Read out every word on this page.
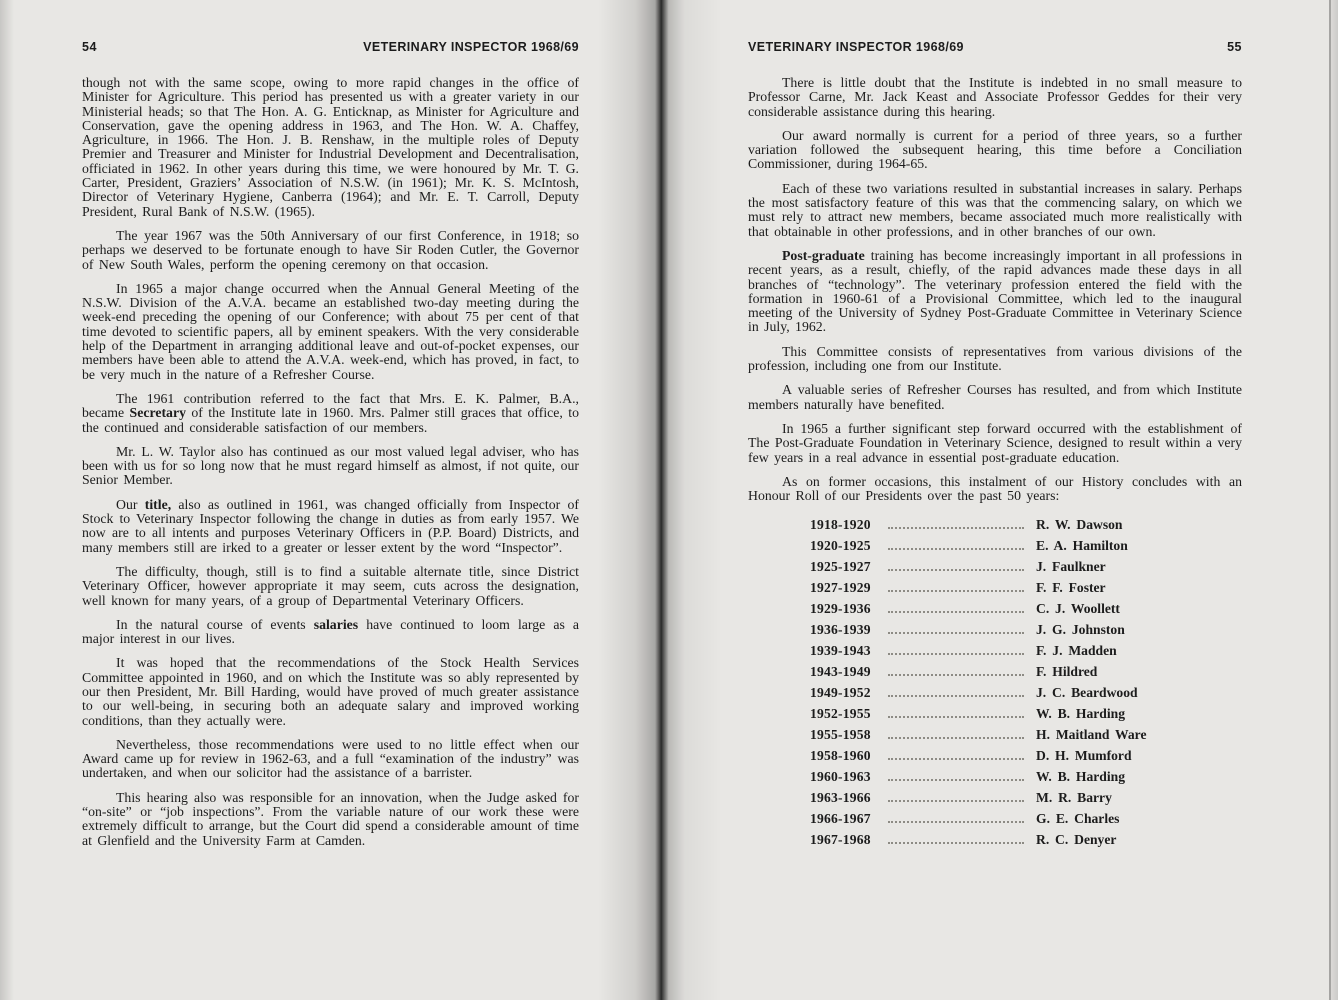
54	VETERINARY INSPECTOR 1968/69

though not with the same scope, owing to more rapid changes in the office of Minister for Agriculture. This period has presented us with a greater variety in our Ministerial heads; so that The Hon. A. G. Enticknap, as Minister for Agriculture and Conservation, gave the opening address in 1963, and The Hon. W. A. Chaffey, Agriculture, in 1966. The Hon. J. B. Renshaw, in the multiple roles of Deputy Premier and Treasurer and Minister for Industrial Development and Decentralisation, officiated in 1962. In other years during this time, we were honoured by Mr. T. G. Carter, President, Graziers’ Association of N.S.W. (in 1961); Mr. K. S. McIntosh, Director of Veterinary Hygiene, Canberra (1964); and Mr. E. T. Carroll, Deputy President, Rural Bank of N.S.W. (1965).

The year 1967 was the 50th Anniversary of our first Conference, in 1918; so perhaps we deserved to be fortunate enough to have Sir Roden Cutler, the Governor of New South Wales, perform the opening ceremony on that occasion.

In 1965 a major change occurred when the Annual General Meeting of the N.S.W. Division of the A.V.A. became an established two-day meeting during the week-end preceding the opening of our Conference; with about 75 per cent of that time devoted to scientific papers, all by eminent speakers. With the very considerable help of the Department in arranging additional leave and out-of-pocket expenses, our members have been able to attend the A.V.A. week-end, which has proved, in fact, to be very much in the nature of a Refresher Course.

The 1961 contribution referred to the fact that Mrs. E. K. Palmer, B.A., became Secretary of the Institute late in 1960. Mrs. Palmer still graces that office, to the continued and considerable satisfaction of our members.

Mr. L. W. Taylor also has continued as our most valued legal adviser, who has been with us for so long now that he must regard himself as almost, if not quite, our Senior Member.

Our title, also as outlined in 1961, was changed officially from Inspector of Stock to Veterinary Inspector following the change in duties as from early 1957. We now are to all intents and purposes Veterinary Officers in (P.P. Board) Districts, and many members still are irked to a greater or lesser extent by the word “Inspector”.

The difficulty, though, still is to find a suitable alternate title, since District Veterinary Officer, however appropriate it may seem, cuts across the designation, well known for many years, of a group of Departmental Veterinary Officers.

In the natural course of events salaries have continued to loom large as a major interest in our lives.

It was hoped that the recommendations of the Stock Health Services Committee appointed in 1960, and on which the Institute was so ably represented by our then President, Mr. Bill Harding, would have proved of much greater assistance to our well-being, in securing both an adequate salary and improved working conditions, than they actually were.

Nevertheless, those recommendations were used to no little effect when our Award came up for review in 1962-63, and a full “examination of the industry” was undertaken, and when our solicitor had the assistance of a barrister.

This hearing also was responsible for an innovation, when the Judge asked for “on-site” or “job inspections”. From the variable nature of our work these were extremely difficult to arrange, but the Court did spend a considerable amount of time at Glenfield and the University Farm at Camden.

VETERINARY INSPECTOR 1968/69	55

There is little doubt that the Institute is indebted in no small measure to Professor Carne, Mr. Jack Keast and Associate Professor Geddes for their very considerable assistance during this hearing.

Our award normally is current for a period of three years, so a further variation followed the subsequent hearing, this time before a Conciliation Commissioner, during 1964-65.

Each of these two variations resulted in substantial increases in salary. Perhaps the most satisfactory feature of this was that the commencing salary, on which we must rely to attract new members, became associated much more realistically with that obtainable in other professions, and in other branches of our own.

Post-graduate training has become increasingly important in all professions in recent years, as a result, chiefly, of the rapid advances made these days in all branches of “technology”. The veterinary profession entered the field with the formation in 1960-61 of a Provisional Committee, which led to the inaugural meeting of the University of Sydney Post-Graduate Committee in Veterinary Science in July, 1962.

This Committee consists of representatives from various divisions of the profession, including one from our Institute.

A valuable series of Refresher Courses has resulted, and from which Institute members naturally have benefited.

In 1965 a further significant step forward occurred with the establishment of The Post-Graduate Foundation in Veterinary Science, designed to result within a very few years in a real advance in essential post-graduate education.

As on former occasions, this instalment of our History concludes with an Honour Roll of our Presidents over the past 50 years:

1918-1920	R. W. Dawson
1920-1925	E. A. Hamilton
1925-1927	J. Faulkner
1927-1929	F. F. Foster
1929-1936	C. J. Woollett
1936-1939	J. G. Johnston
1939-1943	F. J. Madden
1943-1949	F. Hildred
1949-1952	J. C. Beardwood
1952-1955	W. B. Harding
1955-1958	H. Maitland Ware
1958-1960	D. H. Mumford
1960-1963	W. B. Harding
1963-1966	M. R. Barry
1966-1967	G. E. Charles
1967-1968	R. C. Denyer
